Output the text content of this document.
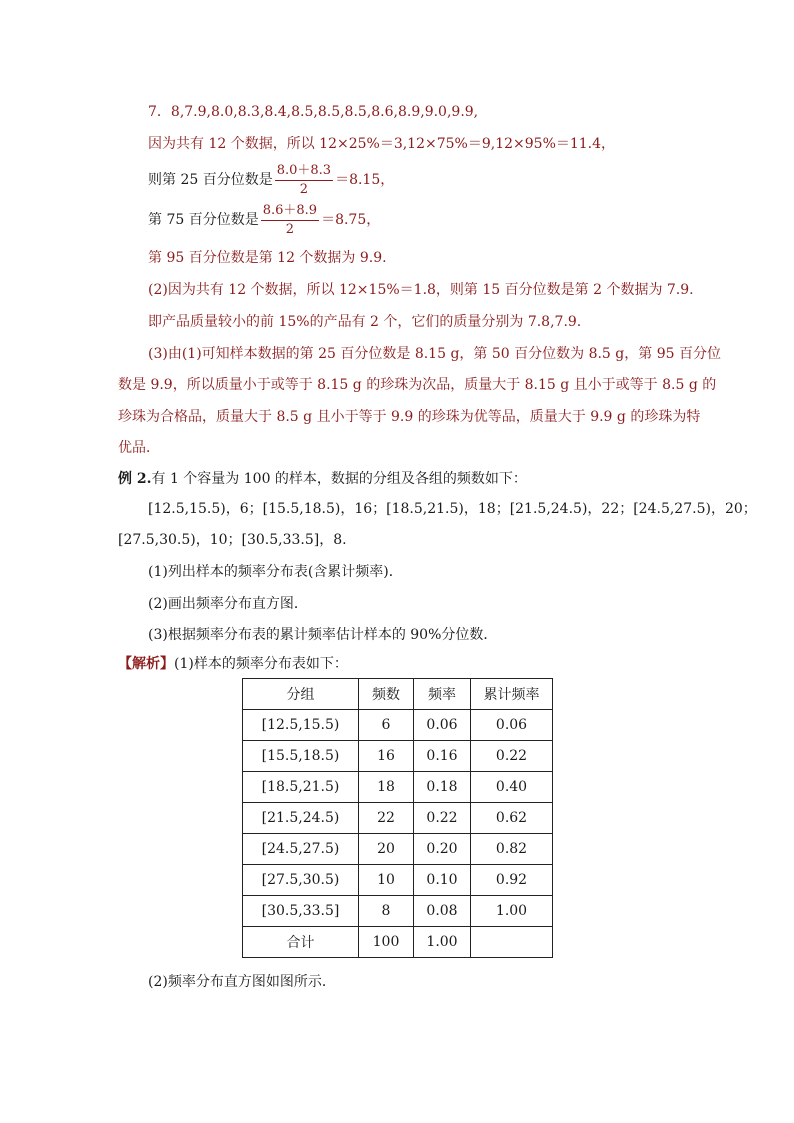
7．8,7.9,8.0,8.3,8.4,8.5,8.5,8.5,8.6,8.9,9.0,9.9,
因为共有 12 个数据，所以 12×25%＝3,12×75%＝9,12×95%＝11.4，
则第 25 百分位数是 $\frac{8.0+8.3}{2} =8.15$，
第 75 百分位数是 $\frac{8.6+8.9}{2} =8.75$，
第 95 百分位数是第 12 个数据为 9.9.
(2)因为共有 12 个数据，所以 12×15%＝1.8，则第 15 百分位数是第 2 个数据为 7.9.
即产品质量较小的前 15%的产品有 2 个，它们的质量分别为 7.8,7.9.
(3)由(1)可知样本数据的第 25 百分位数是 8.15 g，第 50 百分位数为 8.5 g，第 95 百分位
数是 9.9，所以质量小于或等于 8.15 g 的珍珠为次品，质量大于 8.15 g 且小于或等于 8.5 g 的
珍珠为合格品，质量大于 8.5 g 且小于等于 9.9 的珍珠为优等品，质量大于 9.9 g 的珍珠为特
优品．
例 2.有 1 个容量为 100 的样本，数据的分组及各组的频数如下：
[12.5,15.5)，6；[15.5,18.5)，16；[18.5,21.5)，18；[21.5,24.5)，22；[24.5,27.5)，20；
[27.5,30.5)，10；[30.5,33.5]，8.
(1)列出样本的频率分布表(含累计频率)．
(2)画出频率分布直方图．
(3)根据频率分布表的累计频率估计样本的 90%分位数．
【解析】(1)样本的频率分布表如下：
分组	频数	频率	累计频率
[12.5,15.5)	6	0.06	0.06
[15.5,18.5)	16	0.16	0.22
[18.5,21.5)	18	0.18	0.40
[21.5,24.5)	22	0.22	0.62
[24.5,27.5)	20	0.20	0.82
[27.5,30.5)	10	0.10	0.92
[30.5,33.5]	8	0.08	1.00
合计	100	1.00	
(2)频率分布直方图如图所示．
